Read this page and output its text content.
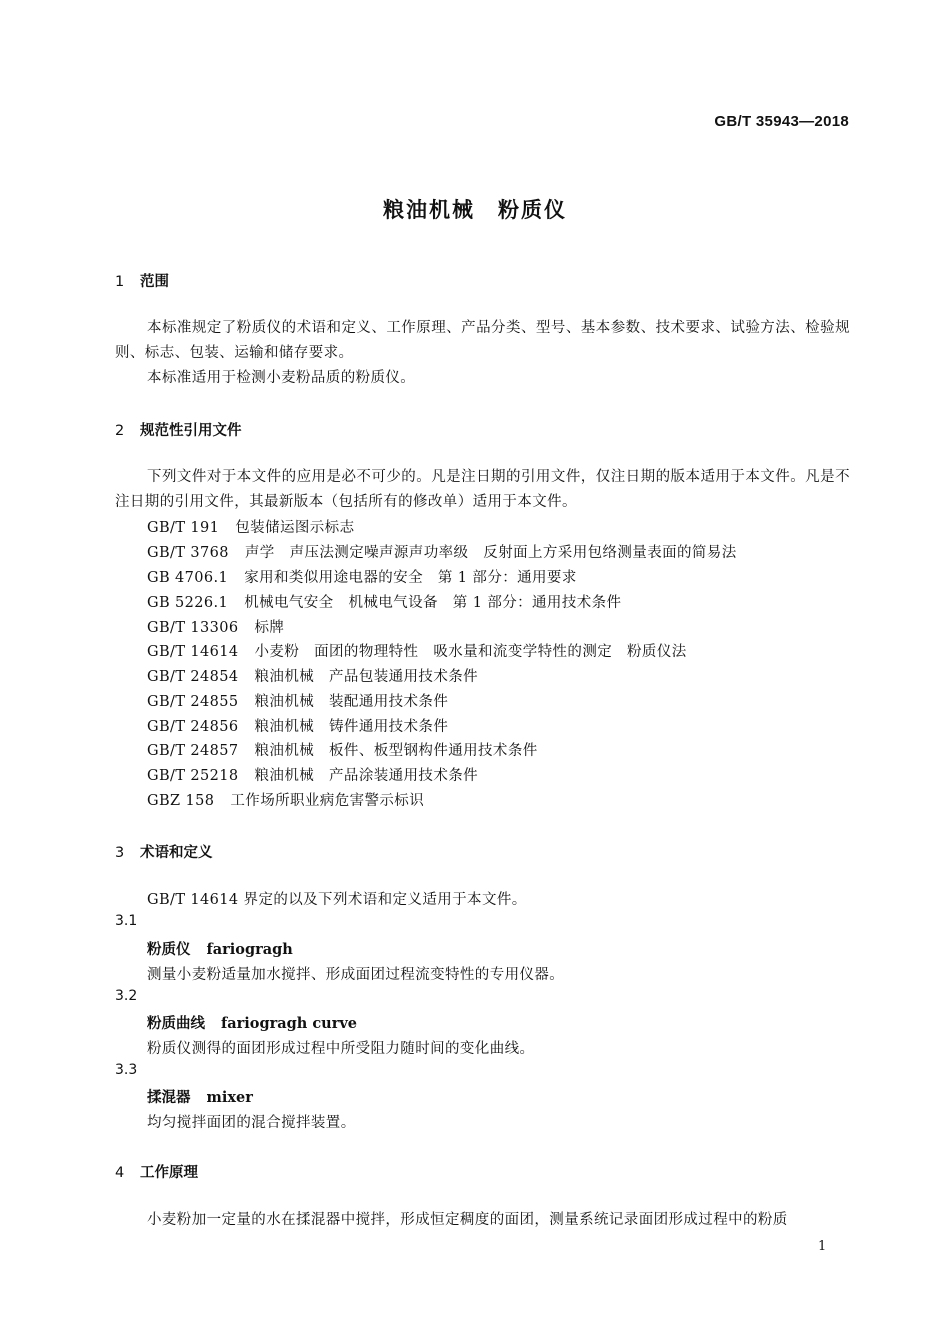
GB/T 35943—2018
粮油机械　粉质仪
1 范围
本标准规定了粉质仪的术语和定义、工作原理、产品分类、型号、基本参数、技术要求、试验方法、检验规则、标志、包装、运输和储存要求。
本标准适用于检测小麦粉品质的粉质仪。
2 规范性引用文件
下列文件对于本文件的应用是必不可少的。凡是注日期的引用文件，仅注日期的版本适用于本文件。凡是不注日期的引用文件，其最新版本（包括所有的修改单）适用于本文件。
GB/T 191 包装储运图示标志
GB/T 3768 声学　声压法测定噪声源声功率级　反射面上方采用包络测量表面的简易法
GB 4706.1 家用和类似用途电器的安全　第 1 部分：通用要求
GB 5226.1 机械电气安全　机械电气设备　第 1 部分：通用技术条件
GB/T 13306 标牌
GB/T 14614 小麦粉　面团的物理特性　吸水量和流变学特性的测定　粉质仪法
GB/T 24854 粮油机械　产品包装通用技术条件
GB/T 24855 粮油机械　装配通用技术条件
GB/T 24856 粮油机械　铸件通用技术条件
GB/T 24857 粮油机械　板件、板型钢构件通用技术条件
GB/T 25218 粮油机械　产品涂装通用技术条件
GBZ 158 工作场所职业病危害警示标识
3 术语和定义
GB/T 14614 界定的以及下列术语和定义适用于本文件。
3.1
粉质仪 fariogragh
测量小麦粉适量加水搅拌、形成面团过程流变特性的专用仪器。
3.2
粉质曲线 fariogragh curve
粉质仪测得的面团形成过程中所受阻力随时间的变化曲线。
3.3
揉混器 mixer
均匀搅拌面团的混合搅拌装置。
4 工作原理
小麦粉加一定量的水在揉混器中搅拌，形成恒定稠度的面团，测量系统记录面团形成过程中的粉质
1
